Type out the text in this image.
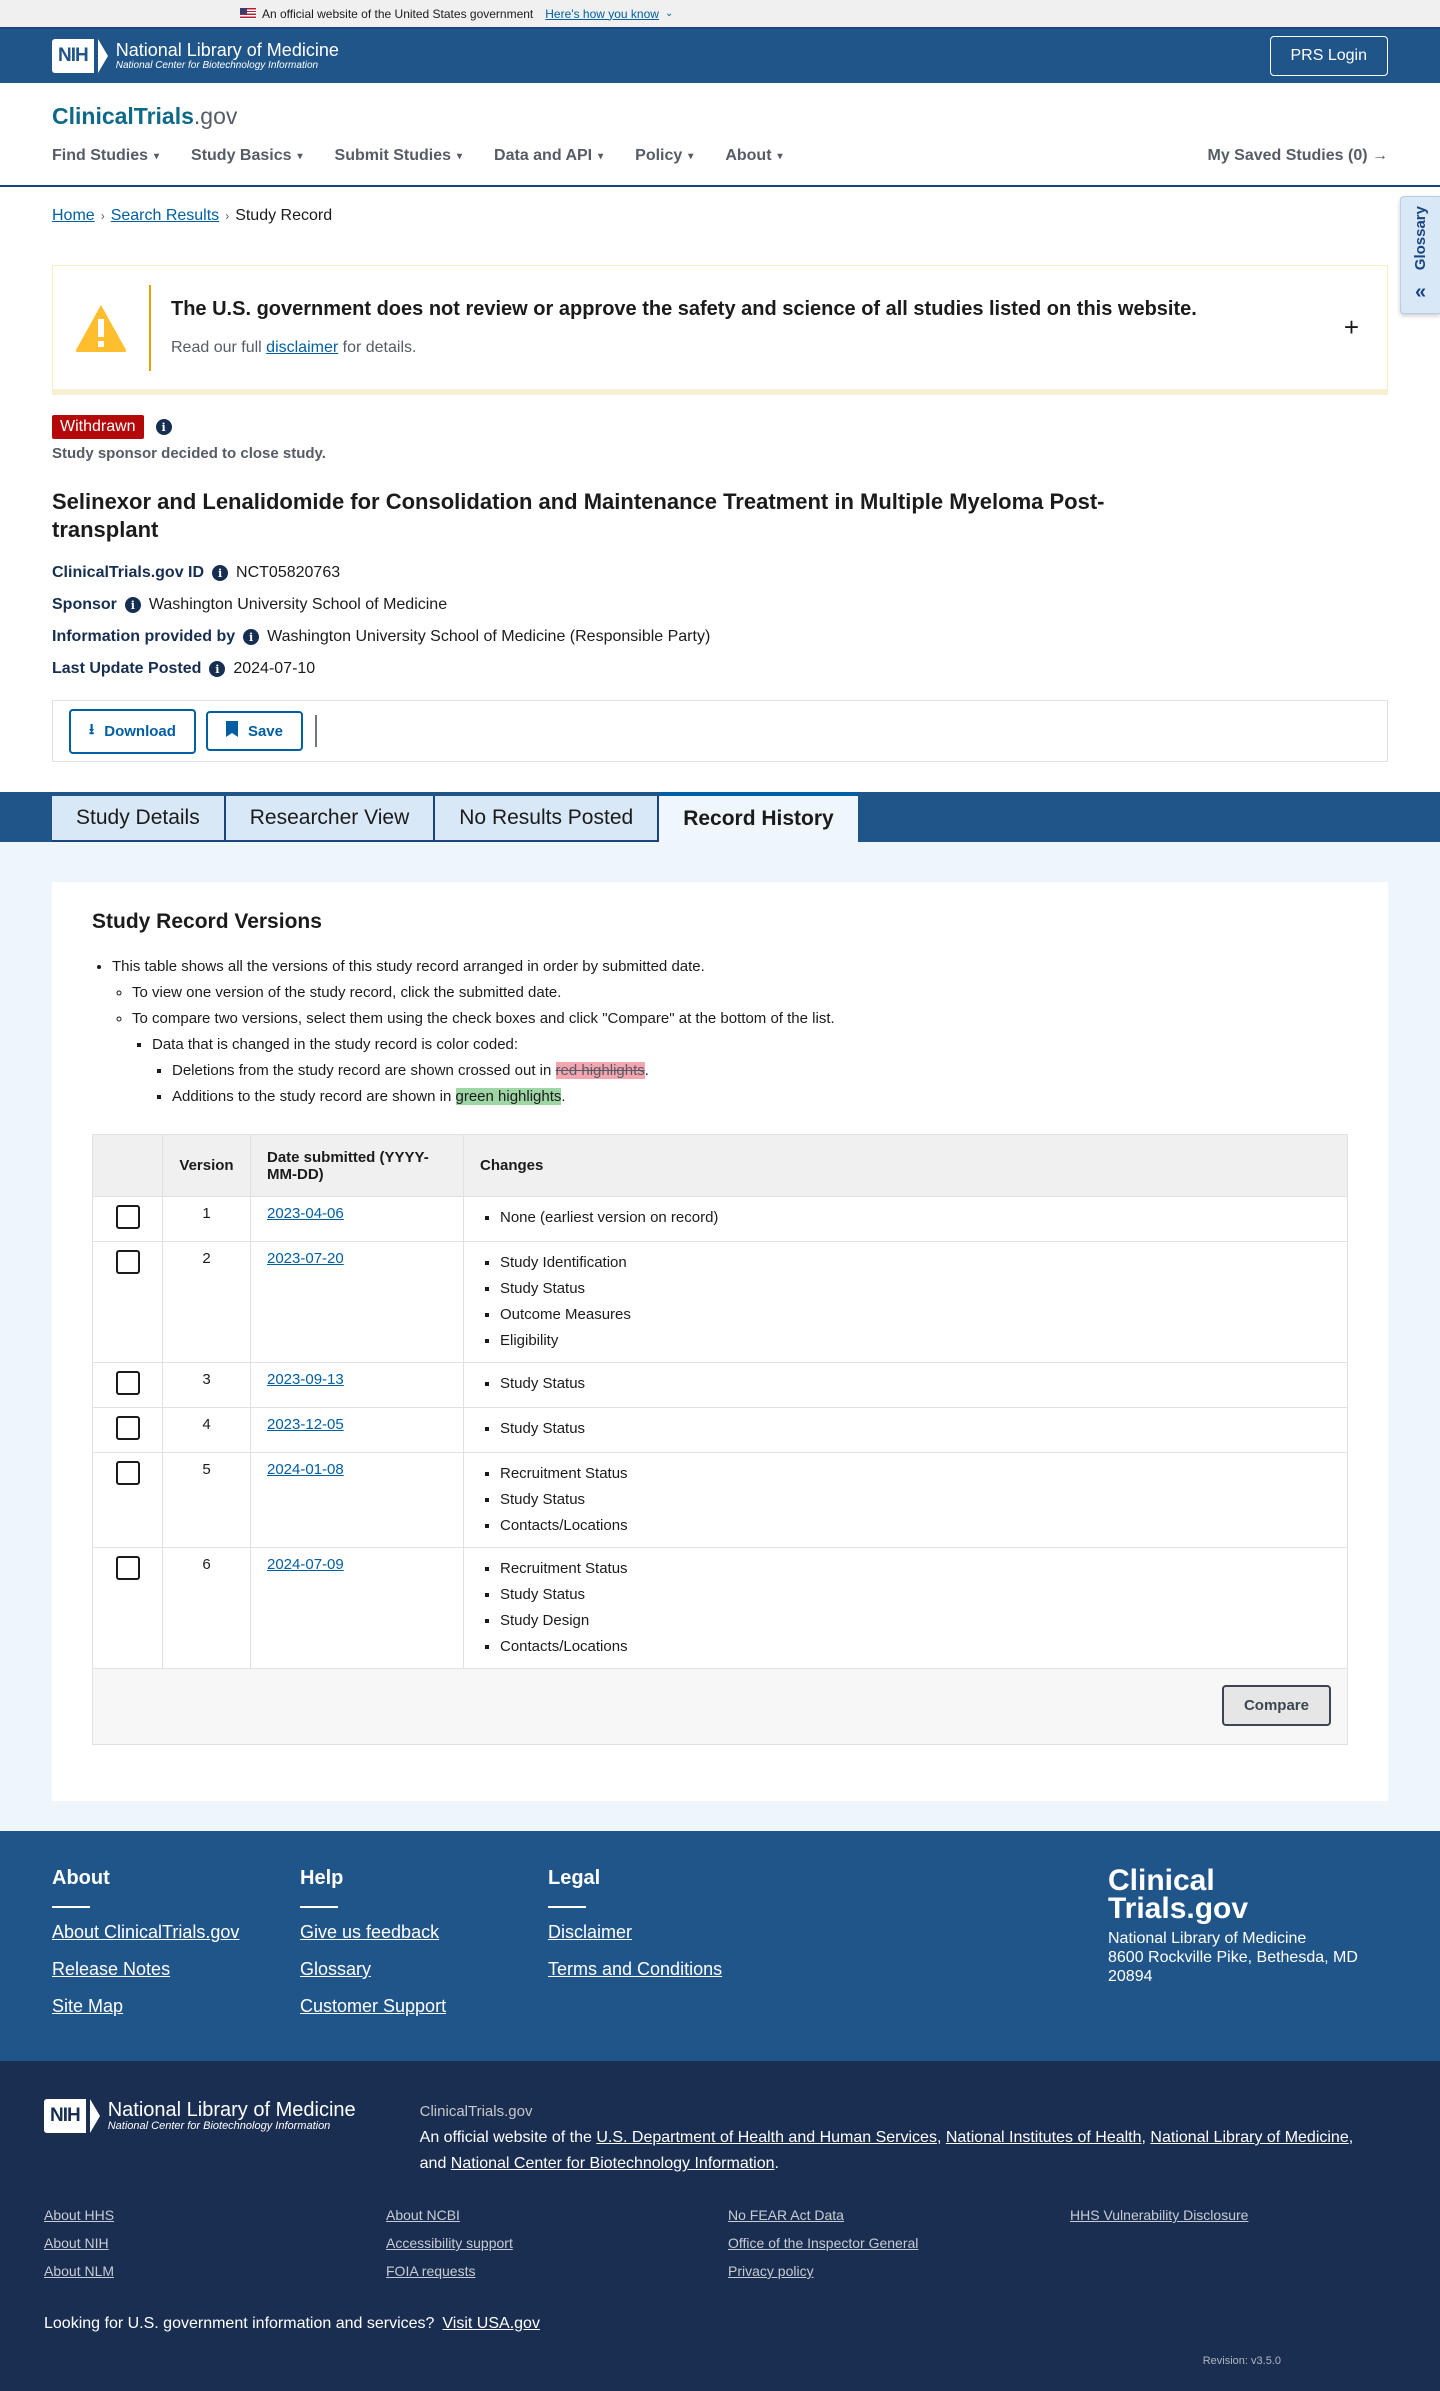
An official website of the United States government Here's how you know ⌄
NIH	National Library of Medicine
National Center for Biotechnology Information
PRS Login
ClinicalTrials.gov
Find Studies ▾ Study Basics ▾ Submit Studies ▾ Data and API ▾ Policy ▾ About ▾	My Saved Studies (0) →
Glossary
«
Home › Search Results › Study Record
The U.S. government does not review or approve the safety and science of all studies listed on this website.
Read our full disclaimer for details.
+
Withdrawn	i
Study sponsor decided to close study.
Selinexor and Lenalidomide for Consolidation and Maintenance Treatment in Multiple Myeloma Post-transplant
ClinicalTrials.gov ID	i NCT05820763
Sponsor	i Washington University School of Medicine
Information provided by	i Washington University School of Medicine (Responsible Party)
Last Update Posted	i 2024-07-10
⭳ Download	Save
Study Details	Researcher View	No Results Posted	Record History
Study Record Versions
• This table shows all the versions of this study record arranged in order by submitted date.
◦ To view one version of the study record, click the submitted date.
◦ To compare two versions, select them using the check boxes and click "Compare" at the bottom of the list.
▪ Data that is changed in the study record is color coded:
▪ Deletions from the study record are shown crossed out in red highlights.
▪ Additions to the study record are shown in green highlights.
	Version	Date submitted (YYYY-MM-DD)	Changes
	1	2023-04-06	
▪None (earliest version on record)

	2	2023-07-20	
▪Study Identification
▪ Study Status
▪ Outcome Measures
▪ Eligibility

	3	2023-09-13	
▪Study Status

	4	2023-12-05	
▪Study Status

	5	2024-01-08	
▪Recruitment Status
▪ Study Status
▪ Contacts/Locations

	6	2024-07-09	
▪Recruitment Status
▪ Study Status
▪ Study Design
▪ Contacts/Locations

Compare			
About
About ClinicalTrials.gov
Release Notes
Site Map
Help
Give us feedback
Glossary
Customer Support
Legal
Disclaimer
Terms and Conditions
Clinical
Trials.gov
National Library of Medicine
8600 Rockville Pike, Bethesda, MD
20894
NIH	National Library of Medicine
National Center for Biotechnology Information
ClinicalTrials.gov
An official website of the U.S. Department of Health and Human Services, National Institutes of Health, National Library of Medicine, and National Center for Biotechnology Information.
About HHS
About NIH
About NLM
About NCBI
Accessibility support
FOIA requests
No FEAR Act Data
Office of the Inspector General
Privacy policy
HHS Vulnerability Disclosure
Looking for U.S. government information and services? Visit USA.gov
Revision: v3.5.0
